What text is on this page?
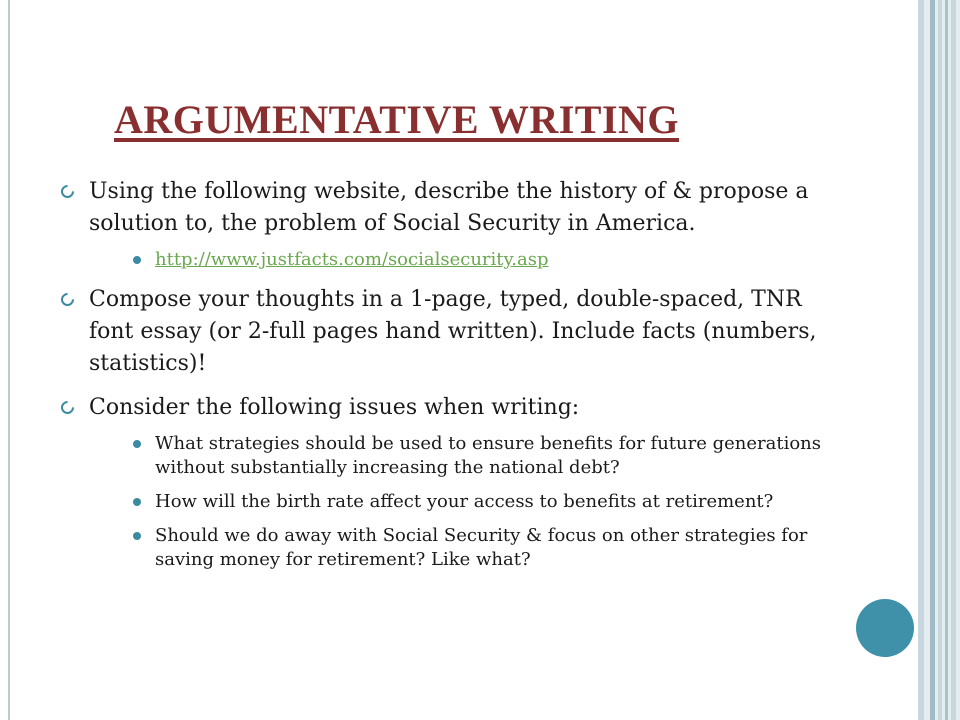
ARGUMENTATIVE WRITING
Using the following website, describe the history of & propose a solution to, the problem of Social Security in America.
http://www.justfacts.com/socialsecurity.asp
Compose your thoughts in a 1-page, typed, double-spaced, TNR font essay (or 2-full pages hand written). Include facts (numbers, statistics)!
Consider the following issues when writing:
What strategies should be used to ensure benefits for future generations without substantially increasing the national debt?
How will the birth rate affect your access to benefits at retirement?
Should we do away with Social Security & focus on other strategies for saving money for retirement? Like what?
